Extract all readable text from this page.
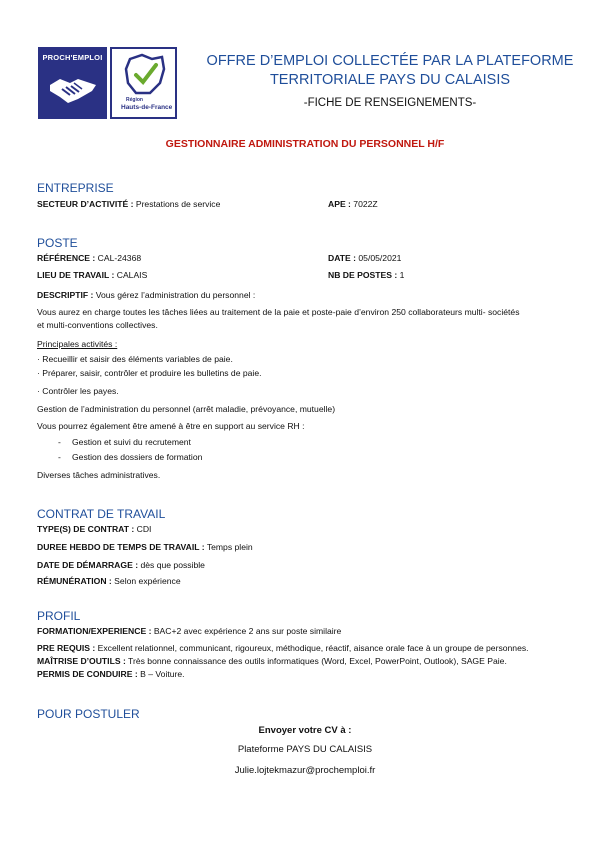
PROCH'EMPLOI
Région
Hauts-de-France
OFFRE D’EMPLOI COLLECTÉE PAR LA PLATEFORME
TERRITORIALE PAYS DU CALAISIS
-FICHE DE RENSEIGNEMENTS-
GESTIONNAIRE ADMINISTRATION DU PERSONNEL H/F
ENTREPRISE
SECTEUR D’ACTIVITÉ : Prestations de service	APE : 7022Z
POSTE
RÉFÉRENCE : CAL-24368	DATE : 05/05/2021
LIEU DE TRAVAIL : CALAIS	NB DE POSTES : 1
DESCRIPTIF : Vous gérez l’administration du personnel :
Vous aurez en charge toutes les tâches liées au traitement de la paie et poste-paie d’environ 250 collaborateurs multi- sociétés
et multi-conventions collectives.
Principales activités :
· Recueillir et saisir des éléments variables de paie.
· Préparer, saisir, contrôler et produire les bulletins de paie.
· Contrôler les payes.
Gestion de l’administration du personnel (arrêt maladie, prévoyance, mutuelle)
Vous pourrez également être amené à être en support au service RH :
- Gestion et suivi du recrutement
- Gestion des dossiers de formation
Diverses tâches administratives.
CONTRAT DE TRAVAIL
TYPE(S) DE CONTRAT : CDI
DUREE HEBDO DE TEMPS DE TRAVAIL : Temps plein
DATE DE DÉMARRAGE : dès que possible
RÉMUNÉRATION : Selon expérience
PROFIL
FORMATION/EXPERIENCE : BAC+2 avec expérience 2 ans sur poste similaire
PRE REQUIS : Excellent relationnel, communicant, rigoureux, méthodique, réactif, aisance orale face à un groupe de personnes.
MAÎTRISE D’OUTILS : Très bonne connaissance des outils informatiques (Word, Excel, PowerPoint, Outlook), SAGE Paie.
PERMIS DE CONDUIRE : B – Voiture.
POUR POSTULER
Envoyer votre CV à :
Plateforme PAYS DU CALAISIS
Julie.lojtekmazur@prochemploi.fr
